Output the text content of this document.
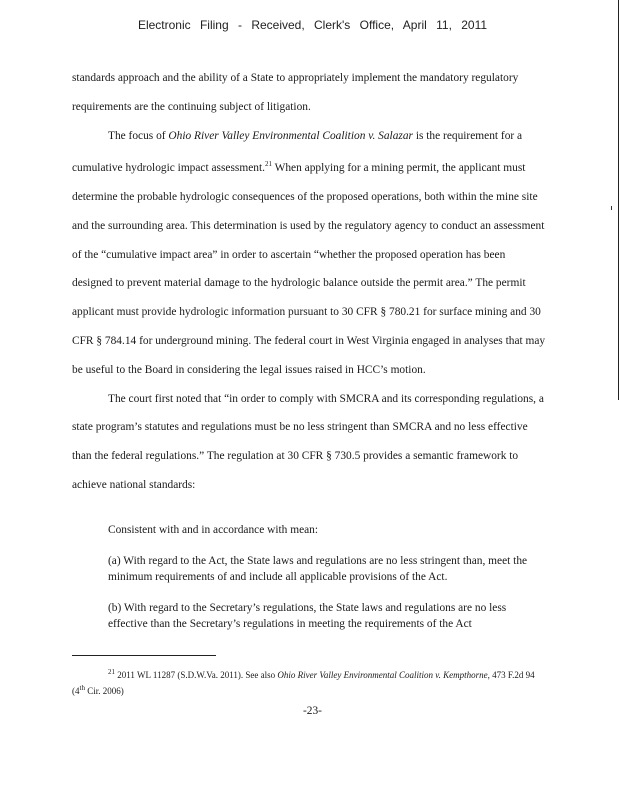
Electronic Filing - Received, Clerk's Office, April 11, 2011

standards approach and the ability of a State to appropriately implement the mandatory regulatory requirements are the continuing subject of litigation.

The focus of Ohio River Valley Environmental Coalition v. Salazar is the requirement for a cumulative hydrologic impact assessment.$^{21}$ When applying for a mining permit, the applicant must determine the probable hydrologic consequences of the proposed operations, both within the mine site and the surrounding area. This determination is used by the regulatory agency to conduct an assessment of the “cumulative impact area” in order to ascertain “whether the proposed operation has been designed to prevent material damage to the hydrologic balance outside the permit area.” The permit applicant must provide hydrologic information pursuant to 30 CFR § 780.21 for surface mining and 30 CFR § 784.14 for underground mining. The federal court in West Virginia engaged in analyses that may be useful to the Board in considering the legal issues raised in HCC’s motion.

The court first noted that “in order to comply with SMCRA and its corresponding regulations, a state program’s statutes and regulations must be no less stringent than SMCRA and no less effective than the federal regulations.” The regulation at 30 CFR § 730.5 provides a semantic framework to achieve national standards:

Consistent with and in accordance with mean:
(a) With regard to the Act, the State laws and regulations are no less stringent than, meet the minimum requirements of and include all applicable provisions of the Act.
(b) With regard to the Secretary’s regulations, the State laws and regulations are no less effective than the Secretary’s regulations in meeting the requirements of the Act
$^{21}$ 2011 WL 11287 (S.D.W.Va. 2011). See also Ohio River Valley Environmental Coalition v. Kempthorne, 473 F.2d 94 (4th Cir. 2006)
-23-
